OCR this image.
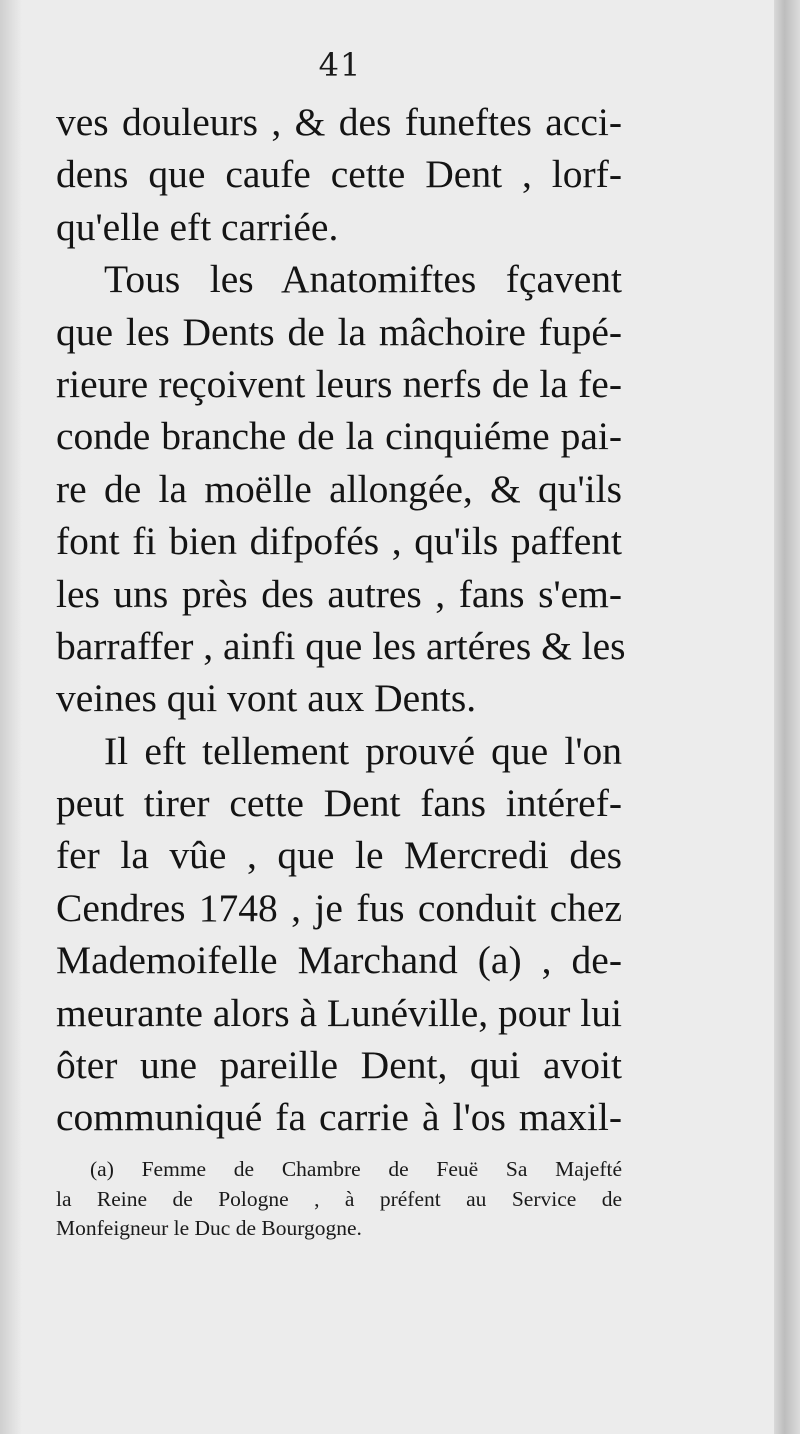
41
ves douleurs , & des funeftes acci-
dens que caufe cette Dent , lorf-
qu'elle eft carriée.
Tous les Anatomiftes fçavent
que les Dents de la mâchoire fupé-
rieure reçoivent leurs nerfs de la fe-
conde branche de la cinquiéme pai-
re de la moëlle allongée, & qu'ils
font fi bien difpofés , qu'ils paffent
les uns près des autres , fans s'em-
barraffer , ainfi que les artéres & les
veines qui vont aux Dents.
Il eft tellement prouvé que l'on
peut tirer cette Dent fans intéref-
fer la vûe , que le Mercredi des
Cendres 1748 , je fus conduit chez
Mademoifelle Marchand (a) , de-
meurante alors à Lunéville, pour lui
ôter une pareille Dent, qui avoit
communiqué fa carrie à l'os maxil-
(a) Femme de Chambre de Feuë Sa Majefté
la Reine de Pologne , à préfent au Service de
Monfeigneur le Duc de Bourgogne.
